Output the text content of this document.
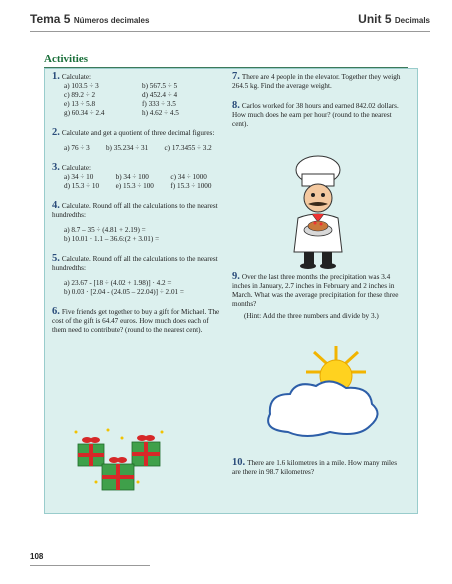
Tema 5 Números decimales	Unit 5 Decimals
Activities
1. Calculate:
a) 103.5 ÷ 3	b) 567.5 ÷ 5
c) 89.2 ÷ 2	d) 452.4 ÷ 4
e) 13 ÷ 5.8	f) 333 ÷ 3.5
g) 60.34 ÷ 2.4	h) 4.62 ÷ 4.5
2. Calculate and get a quotient of three decimal figures:
a) 76 ÷ 3	b) 35.234 ÷ 31	c) 17.3455 ÷ 3.2
3. Calculate:
a) 34 ÷ 10	b) 34 ÷ 100	c) 34 ÷ 1000
d) 15.3 ÷ 10	e) 15.3 ÷ 100	f) 15.3 ÷ 1000
4. Calculate. Round off all the calculations to the nearest hundredths:
a) 8.7 – 35 ÷ (4.81 + 2.19) =
b) 10.01 · 1.1 – 36.6:(2 + 3.01) =
5. Calculate. Round off all the calculations to the nearest hundredths:
a) 23.67 - [18 ÷ (4.02 + 1.98)] · 4.2 =
b) 0.03 · [2.04 - (24.05 – 22.04)] ÷ 2.01 =
6. Five friends get together to buy a gift for Michael. The cost of the gift is 64.47 euros. How much does each of them need to contribute? (round to the nearest cent).
7. There are 4 people in the elevator. Together they weigh 264.5 kg. Find the average weight.
8. Carlos worked for 38 hours and earned 842.02 dollars. How much does he earn per hour? (round to the nearest cent).
9. Over the last three months the precipitation was 3.4 inches in January, 2.7 inches in February and 2 inches in March. What was the average precipitation for these three months?
(Hint: Add the three numbers and divide by 3.)
10. There are 1.6 kilometres in a mile. How many miles are there in 98.7 kilometres?
108
